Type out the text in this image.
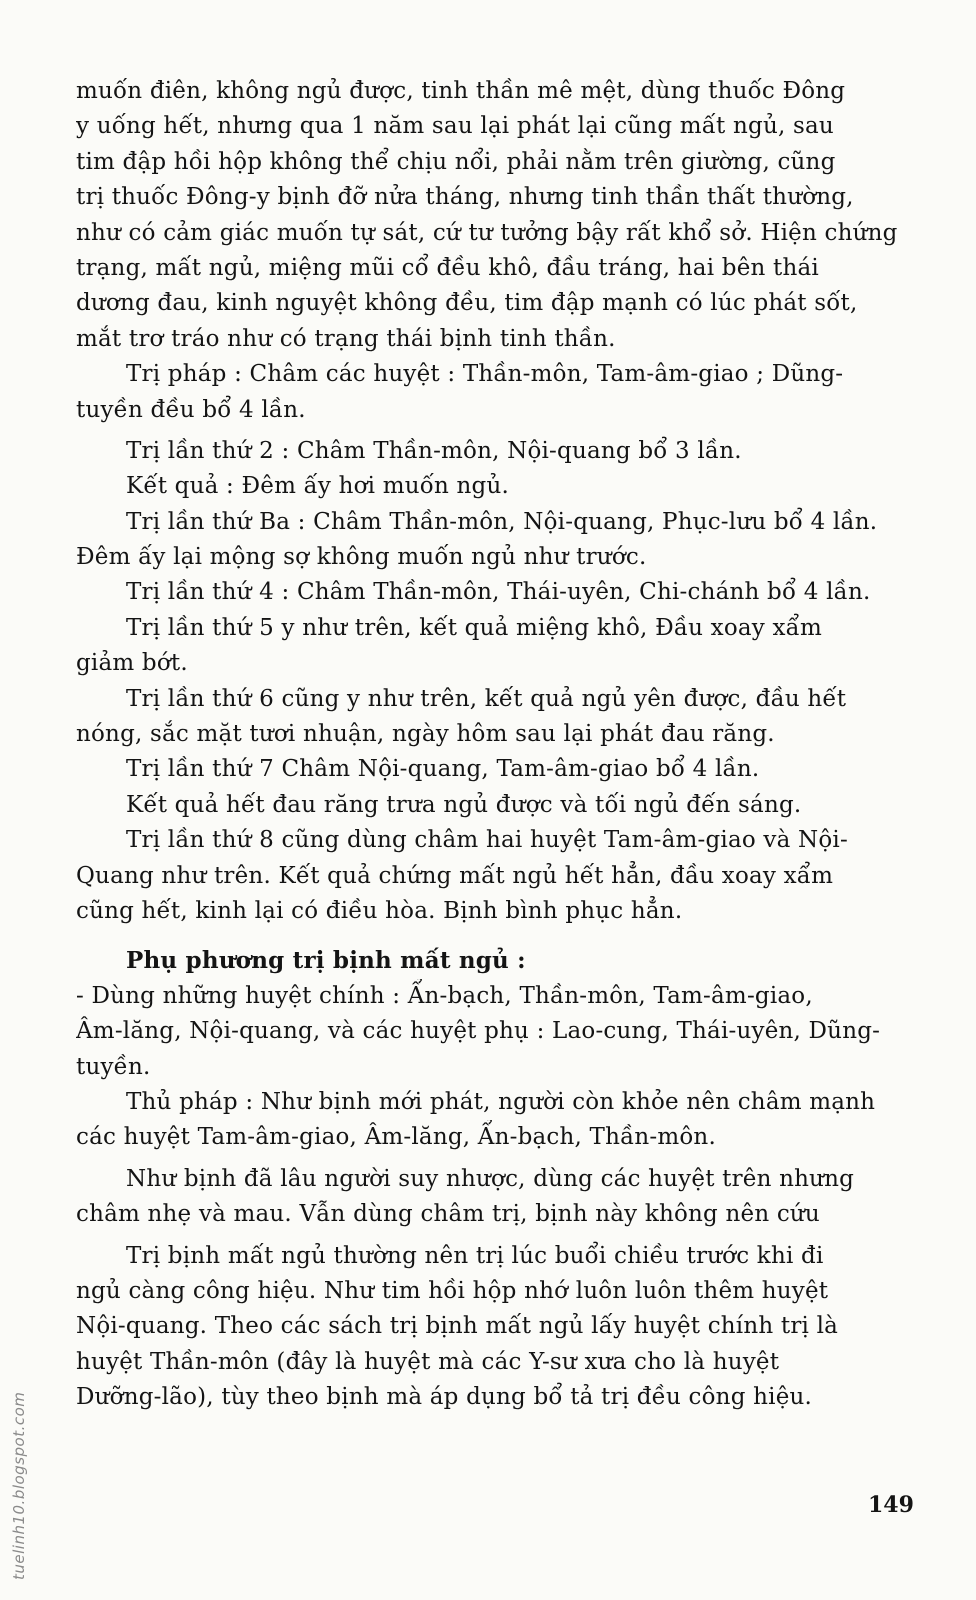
muốn điên, không ngủ được, tinh thần mê mệt, dùng thuốc Đông
y uống hết, nhưng qua 1 năm sau lại phát lại cũng mất ngủ, sau
tim đập hồi hộp không thể chịu nổi, phải nằm trên giường, cũng
trị thuốc Đông-y bịnh đỡ nửa tháng, nhưng tinh thần thất thường,
như có cảm giác muốn tự sát, cứ tư tưởng bậy rất khổ sở. Hiện chứng
trạng, mất ngủ, miệng mũi cổ đều khô, đầu tráng, hai bên thái
dương đau, kinh nguyệt không đều, tim đập mạnh có lúc phát sốt,
mắt trơ tráo như có trạng thái bịnh tinh thần.
Trị pháp : Châm các huyệt : Thần-môn, Tam-âm-giao ; Dũng-
tuyền đều bổ 4 lần.
Trị lần thứ 2 : Châm Thần-môn, Nội-quang bổ 3 lần.
Kết quả : Đêm ấy hơi muốn ngủ.
Trị lần thứ Ba : Châm Thần-môn, Nội-quang, Phục-lưu bổ 4 lần.
Đêm ấy lại mộng sợ không muốn ngủ như trước.
Trị lần thứ 4 : Châm Thần-môn, Thái-uyên, Chi-chánh bổ 4 lần.
Trị lần thứ 5 y như trên, kết quả miệng khô, Đầu xoay xẩm
giảm bớt.
Trị lần thứ 6 cũng y như trên, kết quả ngủ yên được, đầu hết
nóng, sắc mặt tươi nhuận, ngày hôm sau lại phát đau răng.
Trị lần thứ 7 Châm Nội-quang, Tam-âm-giao bổ 4 lần.
Kết quả hết đau răng trưa ngủ được và tối ngủ đến sáng.
Trị lần thứ 8 cũng dùng châm hai huyệt Tam-âm-giao và Nội-
Quang như trên. Kết quả chứng mất ngủ hết hẳn, đầu xoay xẩm
cũng hết, kinh lại có điều hòa. Bịnh bình phục hẳn.
Phụ phương trị bịnh mất ngủ :
- Dùng những huyệt chính : Ẩn-bạch, Thần-môn, Tam-âm-giao,
Âm-lăng, Nội-quang, và các huyệt phụ : Lao-cung, Thái-uyên, Dũng-
tuyền.
Thủ pháp : Như bịnh mới phát, người còn khỏe nên châm mạnh
các huyệt Tam-âm-giao, Âm-lăng, Ẩn-bạch, Thần-môn.
Như bịnh đã lâu người suy nhược, dùng các huyệt trên nhưng
châm nhẹ và mau. Vẫn dùng châm trị, bịnh này không nên cứu
Trị bịnh mất ngủ thường nên trị lúc buổi chiều trước khi đi
ngủ càng công hiệu. Như tim hồi hộp nhớ luôn luôn thêm huyệt
Nội-quang. Theo các sách trị bịnh mất ngủ lấy huyệt chính trị là
huyệt Thần-môn (đây là huyệt mà các Y-sư xưa cho là huyệt
Dưỡng-lão), tùy theo bịnh mà áp dụng bổ tả trị đều công hiệu.
tuelinh10.blogspot.com	149
